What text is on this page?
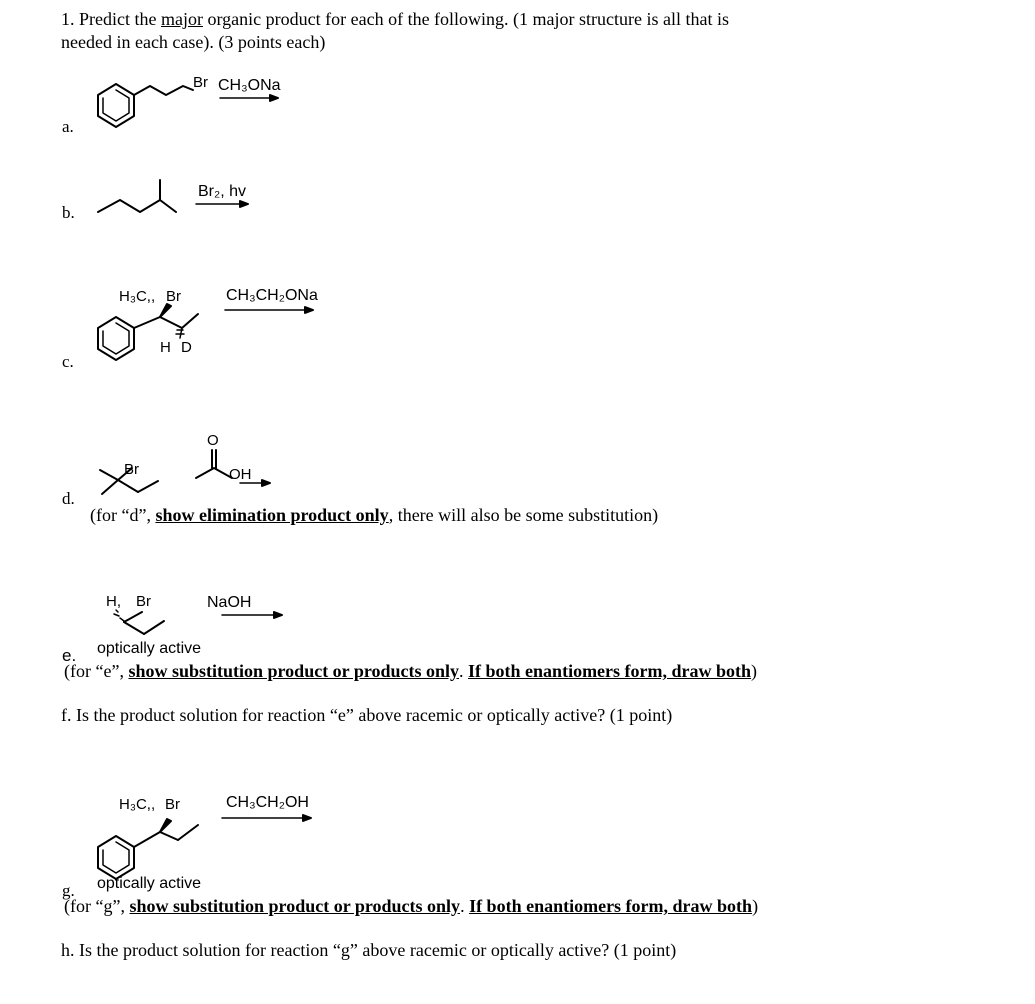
1. Predict the major organic product for each of the following. (1 major structure is all that is
needed in each case). (3 points each)
a.
Br CH₃ONa
b.
Br₂, hv
c.
H₃C,, Br
H D
CH₃CH₂ONa
d.
Br
O
OH
(for “d”, show elimination product only, there will also be some substitution)
H, Br	NaOH
optically active
e.
(for “e”, show substitution product or products only. If both enantiomers form, draw both)
f. Is the product solution for reaction “e” above racemic or optically active? (1 point)
H₃C,, Br	CH₃CH₂OH
optically active
g.
(for “g”, show substitution product or products only. If both enantiomers form, draw both)
h. Is the product solution for reaction “g” above racemic or optically active? (1 point)
